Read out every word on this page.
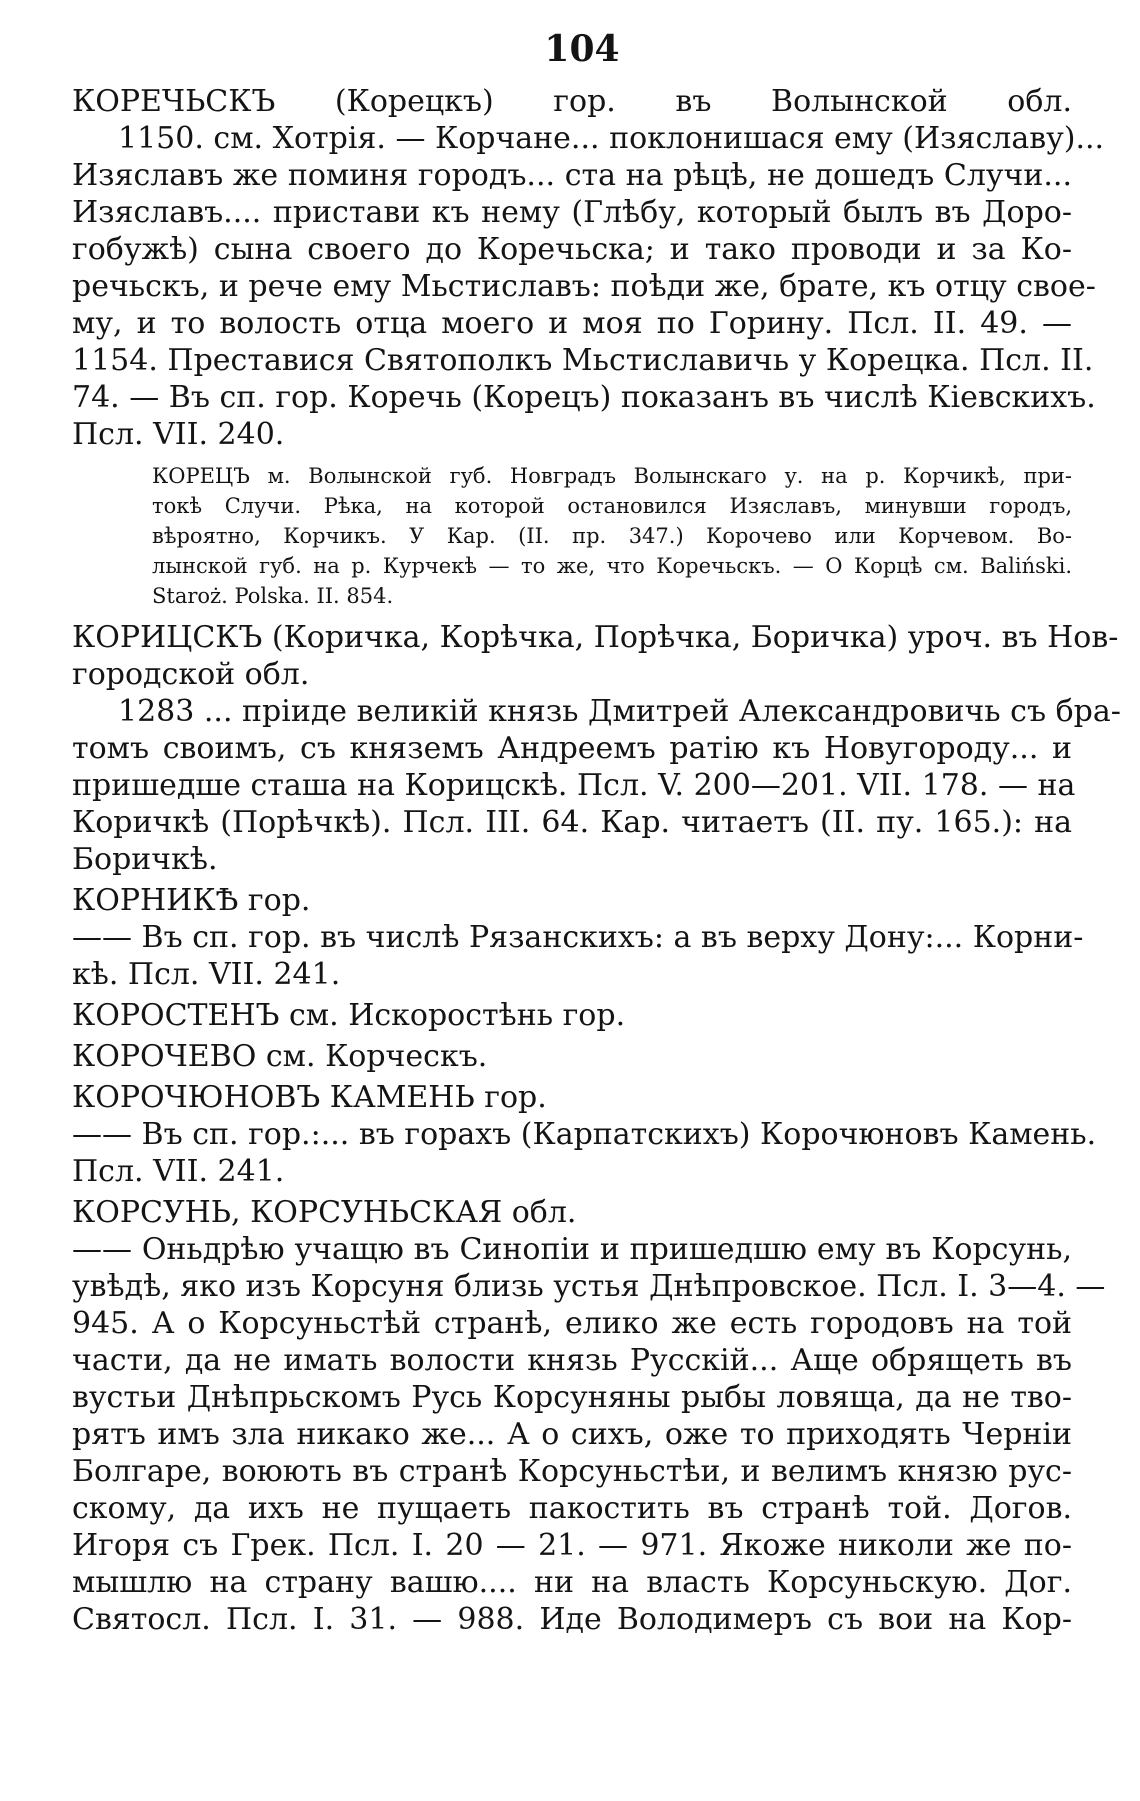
104
КОРЕЧЬСКЪ (Корецкъ) гор. въ Волынской обл.
1150. см. Хотрія. — Корчане... поклонишася ему (Изяславу)...
Изяславъ же поминя городъ... ста на рѣцѣ, не дошедъ Случи...
Изяславъ.... пристави къ нему (Глѣбу, который былъ въ Доро-
гобужѣ) сына своего до Коречьска; и тако проводи и за Ко-
речьскъ, и рече ему Мьстиславъ: поѣди же, брате, къ отцу свое-
му, и то волость отца моего и моя по Горину. Псл. II. 49. —
1154. Преставися Святополкъ Мьстиславичь у Корецка. Псл. II.
74. — Въ сп. гор. Коречь (Корецъ) показанъ въ числѣ Кіевскихъ.
Псл. VII. 240.
КОРЕЦЪ м. Волынской губ. Новградъ Волынскаго у. на р. Корчикѣ, при-
токѣ Случи. Рѣка, на которой остановился Изяславъ, минувши городъ,
вѣроятно, Корчикъ. У Кар. (II. пр. 347.) Корочево или Корчевом. Во-
лынской губ. на р. Курчекѣ — то же, что Коречьскъ. — О Корцѣ см. Baliński.
Staroż. Polska. II. 854.
КОРИЦСКЪ (Коричка, Корѣчка, Порѣчка, Боричка) уроч. въ Нов-
городской обл.
1283 ... пріиде великій князь Дмитрей Александровичь съ бра-
томъ своимъ, съ княземъ Андреемъ ратію къ Новугороду... и
пришедше сташа на Корицскѣ. Псл. V. 200—201. VII. 178. — на
Коричкѣ (Порѣчкѣ). Псл. III. 64. Кар. читаетъ (II. пу. 165.): на
Боричкѣ.
КОРНИКѢ гор.
—— Въ сп. гор. въ числѣ Рязанскихъ: а въ верху Дону:... Корни-
кѣ. Псл. VII. 241.
КОРОСТЕНЪ см. Искоростѣнь гор.
КОРОЧЕВО см. Корческъ.
КОРОЧЮНОВЪ КАМЕНЬ гор.
—— Въ сп. гор.:... въ горахъ (Карпатскихъ) Корочюновъ Камень.
Псл. VII. 241.
КОРСУНЬ, КОРСУНЬСКАЯ обл.
—— Оньдрѣю учащю въ Синопіи и пришедшю ему въ Корсунь,
увѣдѣ, яко изъ Корсуня близь устья Днѣпровское. Псл. I. 3—4. —
945. А о Корсуньстѣй странѣ, елико же есть городовъ на той
части, да не имать волости князь Русскій... Аще обрящеть въ
вустьи Днѣпрьскомъ Русь Корсуняны рыбы ловяща, да не тво-
рятъ имъ зла никако же... А о сихъ, оже то приходять Черніи
Болгаре, воюють въ странѣ Корсуньстѣи, и велимъ князю рус-
скому, да ихъ не пущаеть пакостить въ странѣ той. Догов.
Игоря съ Грек. Псл. I. 20 — 21. — 971. Якоже николи же по-
мышлю на страну вашю.... ни на власть Корсуньскую. Дог.
Святосл. Псл. I. 31. — 988. Иде Володимеръ съ вои на Кор-
